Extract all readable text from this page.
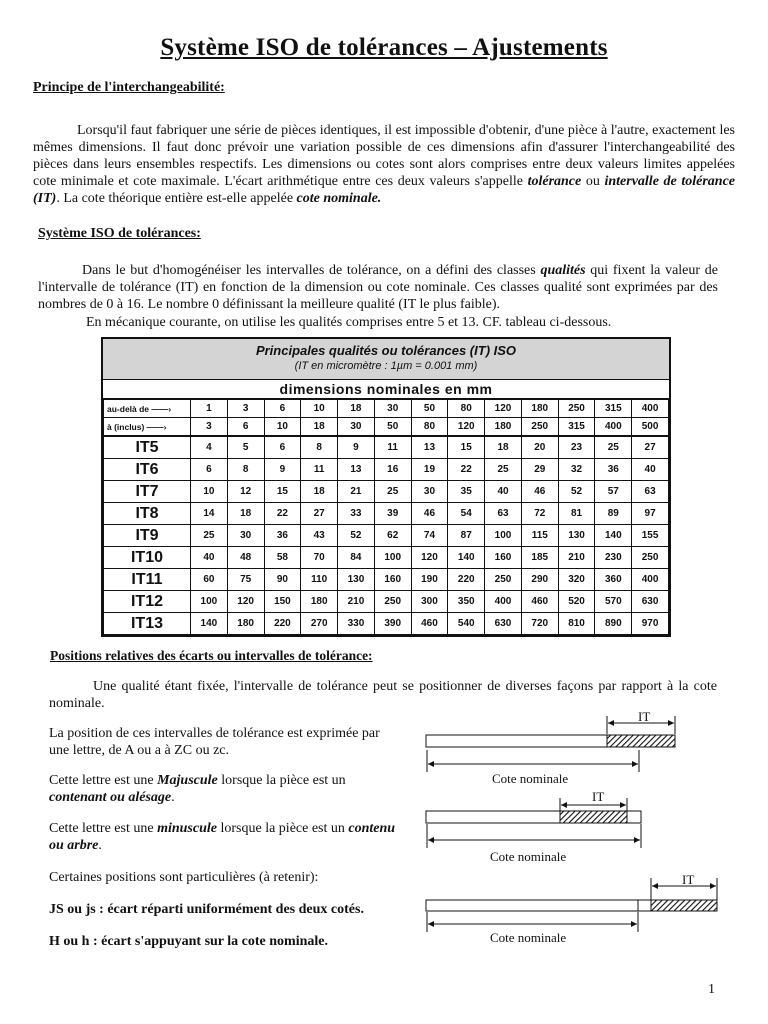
Système ISO de tolérances – Ajustements
Principe de l'interchangeabilité:

Lorsqu'il faut fabriquer une série de pièces identiques, il est impossible d'obtenir, d'une pièce à l'autre, exactement les mêmes dimensions. Il faut donc prévoir une variation possible de ces dimensions afin d'assurer l'interchangeabilité des pièces dans leurs ensembles respectifs. Les dimensions ou cotes sont alors comprises entre deux valeurs limites appelées cote minimale et cote maximale. L'écart arithmétique entre ces deux valeurs s'appelle tolérance ou intervalle de tolérance (IT). La cote théorique entière est-elle appelée cote nominale.

Système ISO de tolérances:

Dans le but d'homogénéiser les intervalles de tolérance, on a défini des classes qualités qui fixent la valeur de l'intervalle de tolérance (IT) en fonction de la dimension ou cote nominale. Ces classes qualité sont exprimées par des nombres de 0 à 16. Le nombre 0 définissant la meilleure qualité (IT le plus faible).

En mécanique courante, on utilise les qualités comprises entre 5 et 13. CF. tableau ci-dessous.

Principales qualités ou tolérances (IT) ISO
(IT en micromètre : 1µm = 0.001 mm)
dimensions nominales en mm
au-delà de ——›	1	3	6	10	18	30	50	80	120	180	250	315	400
à (inclus) ——›	3	6	10	18	30	50	80	120	180	250	315	400	500
IT5	4	5	6	8	9	11	13	15	18	20	23	25	27
IT6	6	8	9	11	13	16	19	22	25	29	32	36	40
IT7	10	12	15	18	21	25	30	35	40	46	52	57	63
IT8	14	18	22	27	33	39	46	54	63	72	81	89	97
IT9	25	30	36	43	52	62	74	87	100	115	130	140	155
IT10	40	48	58	70	84	100	120	140	160	185	210	230	250
IT11	60	75	90	110	130	160	190	220	250	290	320	360	400
IT12	100	120	150	180	210	250	300	350	400	460	520	570	630
IT13	140	180	220	270	330	390	460	540	630	720	810	890	970
Positions relatives des écarts ou intervalles de tolérance:

Une qualité étant fixée, l'intervalle de tolérance peut se positionner de diverses façons par rapport à la cote nominale.

La position de ces intervalles de tolérance est exprimée par une lettre, de A ou a à ZC ou zc.

Cette lettre est une Majuscule lorsque la pièce est un contenant ou alésage.

Cette lettre est une minuscule lorsque la pièce est un contenu ou arbre.

Certaines positions sont particulières (à retenir):

JS ou js : écart réparti uniformément des deux cotés.

H ou h : écart s'appuyant sur la cote nominale.

IT
Cote nominale
IT
Cote nominale
IT
Cote nominale
1
